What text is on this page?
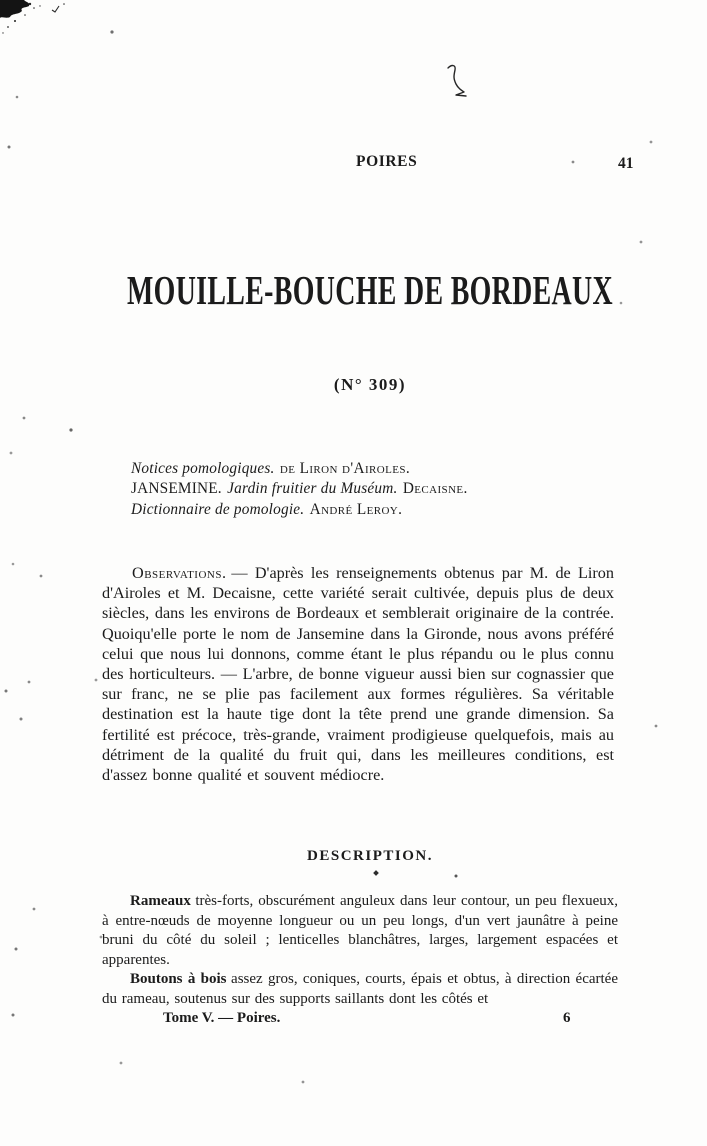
POIRES	41
MOUILLE-BOUCHE DE BORDEAUX
(N° 309)
Notices pomologiques. de Liron d'Airoles.
JANSEMINE. Jardin fruitier du Muséum. Decaisne.
Dictionnaire de pomologie. André Leroy.

Observations. — D'après les renseignements obtenus par M. de Liron d'Airoles et M. Decaisne, cette variété serait cultivée, depuis plus de deux siècles, dans les environs de Bordeaux et semblerait originaire de la contrée. Quoiqu'elle porte le nom de Jansemine dans la Gironde, nous avons préféré celui que nous lui donnons, comme étant le plus répandu ou le plus connu des horticulteurs. — L'arbre, de bonne vigueur aussi bien sur cognassier que sur franc, ne se plie pas facilement aux formes régulières. Sa véritable destination est la haute tige dont la tête prend une grande dimension. Sa fertilité est précoce, très-grande, vraiment prodigieuse quelquefois, mais au détriment de la qualité du fruit qui, dans les meilleures conditions, est d'assez bonne qualité et souvent médiocre.

DESCRIPTION.

Rameaux très-forts, obscurément anguleux dans leur contour, un peu flexueux, à entre-nœuds de moyenne longueur ou un peu longs, d'un vert jaunâtre à peine bruni du côté du soleil ; lenticelles blanchâtres, larges, largement espacées et apparentes.

Boutons à bois assez gros, coniques, courts, épais et obtus, à direction écartée du rameau, soutenus sur des supports saillants dont les côtés et

Tome V. — Poires.	6
